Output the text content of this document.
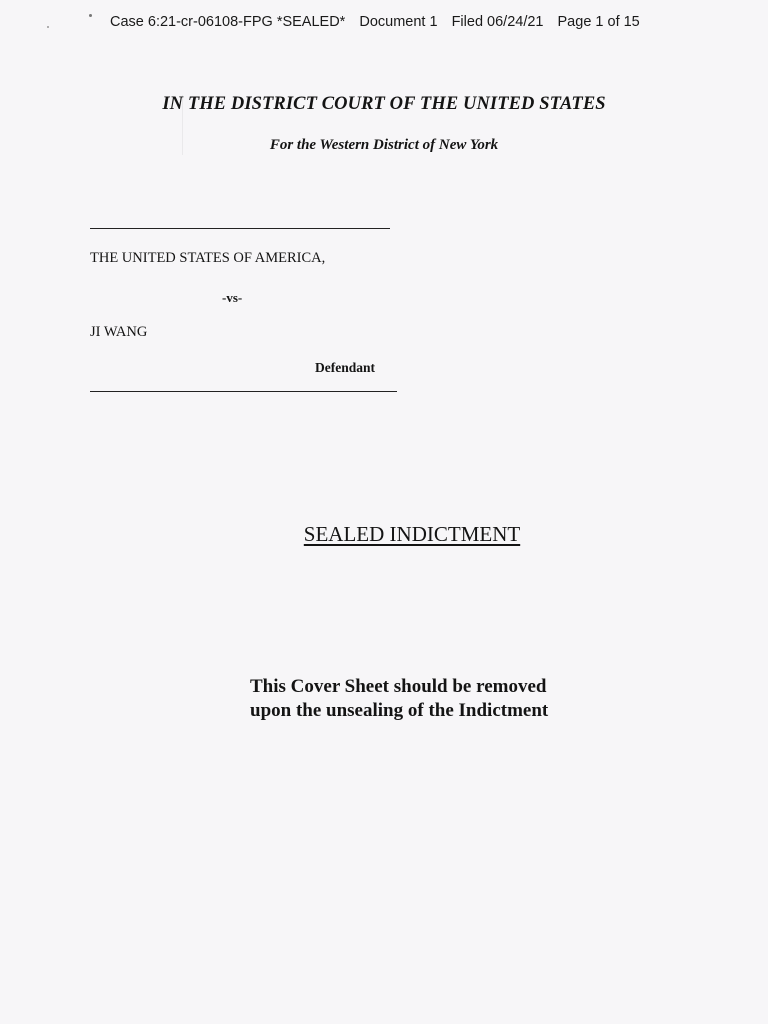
Case 6:21-cr-06108-FPG *SEALED* Document 1 Filed 06/24/21 Page 1 of 15
IN THE DISTRICT COURT OF THE UNITED STATES
For the Western District of New York
THE UNITED STATES OF AMERICA,
-vs-
JI WANG
Defendant
SEALED INDICTMENT
This Cover Sheet should be removed
upon the unsealing of the Indictment
